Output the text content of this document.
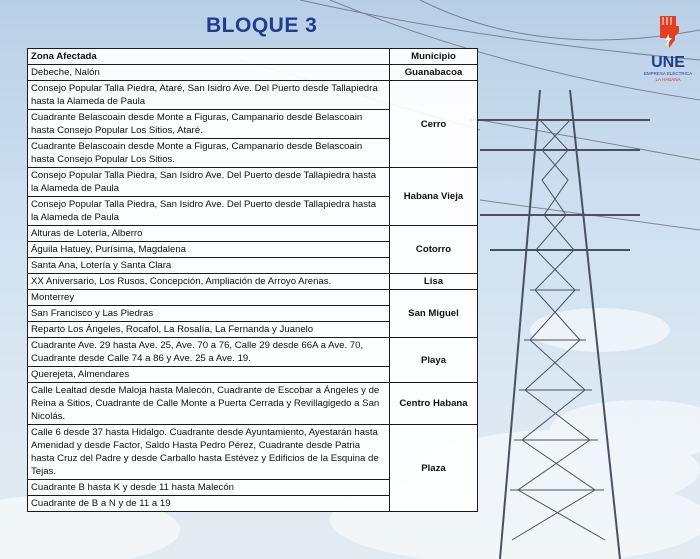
BLOQUE 3
UNE
EMPRESA ELÉCTRICA
LA HABANA
Zona Afectada	Municipio
Debeche, Nalón	Guanabacoa
Consejo Popular Talla Piedra, Ataré, San Isidro Ave. Del Puerto desde Tallapiedra hasta la Alameda de Paula	Cerro
Cuadrante Belascoain desde Monte a Figuras, Campanario desde Belascoain hasta Consejo Popular Los Sitios, Ataré.	
Cuadrante Belascoain desde Monte a Figuras, Campanario desde Belascoain hasta Consejo Popular Los Sitios.	
Consejo Popular Talla Piedra, San Isidro Ave. Del Puerto desde Tallapiedra hasta la Alameda de Paula	Habana Vieja
Consejo Popular Talla Piedra, San Isidro Ave. Del Puerto desde Tallapiedra hasta la Alameda de Paula	
Alturas de Lotería, Alberro	Cotorro
Águila Hatuey, Purísima, Magdalena	
Santa Ana, Lotería y Santa Clara	
XX Aniversario, Los Rusos, Concepción, Ampliación de Arroyo Arenas.	Lisa
Monterrey	San Miguel
San Francisco y Las Piedras	
Reparto Los Ángeles, Rocafol, La Rosalía, La Fernanda y Juanelo	
Cuadrante Ave. 29 hasta Ave. 25, Ave. 70 a 76, Calle 29 desde 66A a Ave. 70, Cuadrante desde Calle 74 a 86 y Ave. 25 a Ave. 19.	Playa
Querejeta, Almendares	
Calle Lealtad desde Maloja hasta Malecón, Cuadrante de Escobar a Ángeles y de Reina a Sitios, Cuadrante de Calle Monte a Puerta Cerrada y Revillagigedo a San Nicolás.	Centro Habana
Calle 6 desde 37 hasta Hidalgo. Cuadrante desde Ayuntamiento, Ayestarán hasta Amenidad y desde Factor, Saldo Hasta Pedro Pérez, Cuadrante desde Patria hasta Cruz del Padre y desde Carballo hasta Estévez y Edificios de la Esquina de Tejas.	Plaza
Cuadrante B hasta K y desde 11 hasta Malecón	
Cuadrante de B a N y de 11 a 19	
